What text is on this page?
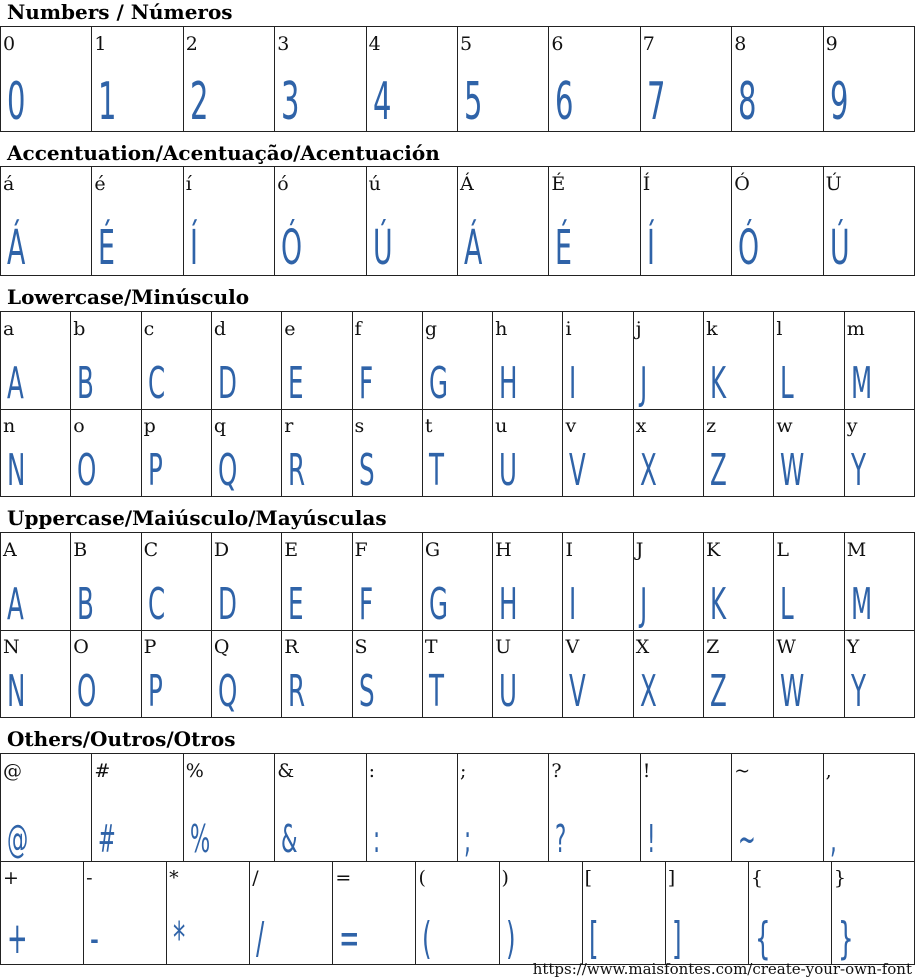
Numbers / Números
0
0
1
1
2
2
3
3
4
4
5
5
6
6
7
7
8
8
9
9
Accentuation/Acentuação/Acentuación
á
Á
é
É
í
Í
ó
Ó
ú
Ú
Á
Á
É
É
Í
Í
Ó
Ó
Ú
Ú
Lowercase/Minúsculo
a
A
b
B
c
C
d
D
e
E
f
F
g
G
h
H
i
I
j
J
k
K
l
L
m
M
n
N
o
O
p
P
q
Q
r
R
s
S
t
T
u
U
v
V
x
X
z
Z
w
W
y
Y
Uppercase/Maiúsculo/Mayúsculas
A
A
B
B
C
C
D
D
E
E
F
F
G
G
H
H
I
I
J
J
K
K
L
L
M
M
N
N
O
O
P
P
Q
Q
R
R
S
S
T
T
U
U
V
V
X
X
Z
Z
W
W
Y
Y
Others/Outros/Otros
@
@
#
#
%
%
&
&
:
:
;
;
?
?
!
!
~
~
,
,
+
+
-
-
*
*
/
/
=
=
(
(
)
)
[
[
]
]
{
{
}
}
https://www.maisfontes.com/create-your-own-font
